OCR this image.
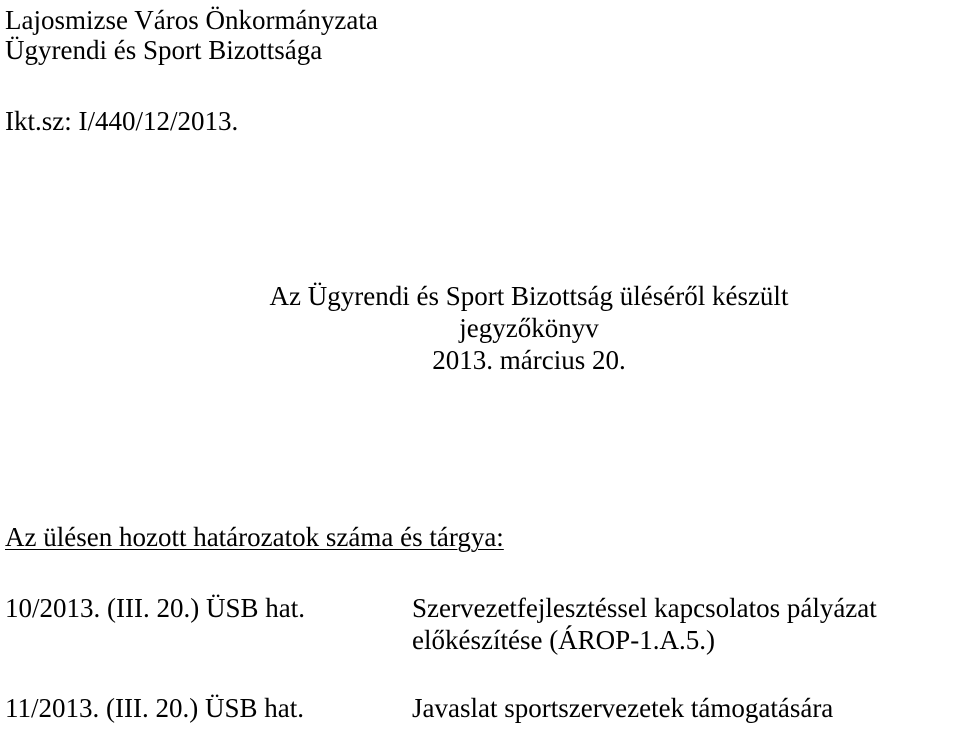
Lajosmizse Város Önkormányzata
Ügyrendi és Sport Bizottsága
Ikt.sz: I/440/12/2013.
Az Ügyrendi és Sport Bizottság üléséről készült
jegyzőkönyv
2013. március 20.
Az ülésen hozott határozatok száma és tárgya:
10/2013. (III. 20.) ÜSB hat.	Szervezetfejlesztéssel kapcsolatos pályázat
előkészítése (ÁROP-1.A.5.)
11/2013. (III. 20.) ÜSB hat.	Javaslat sportszervezetek támogatására
